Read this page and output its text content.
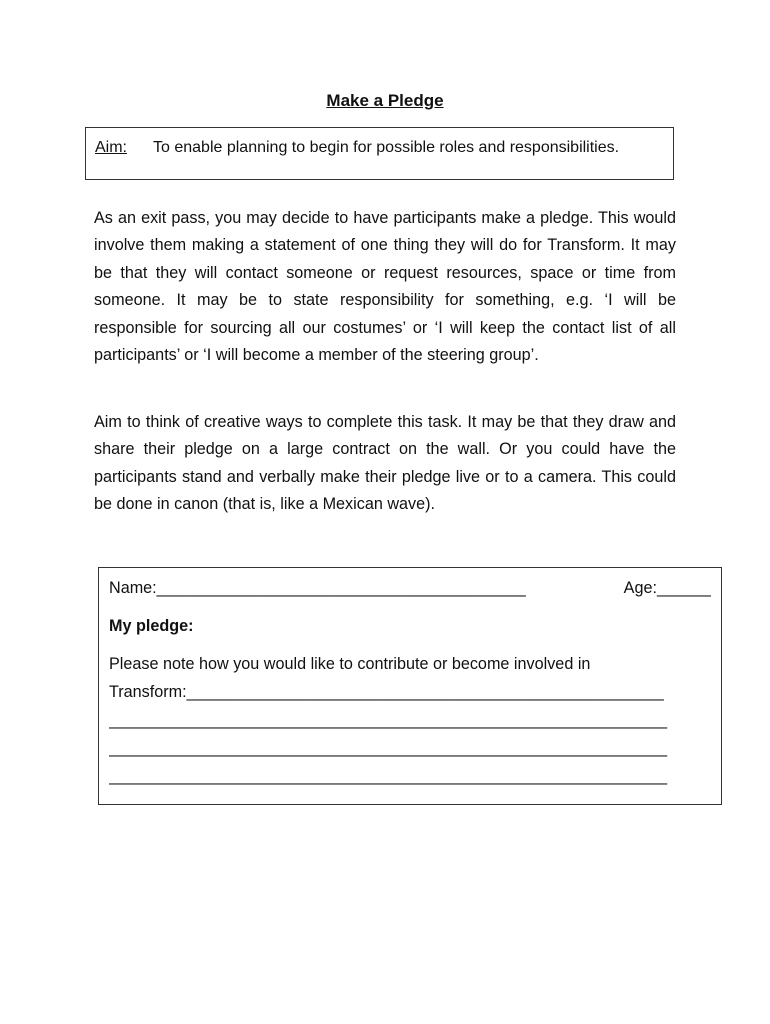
Make a Pledge
Aim: To enable planning to begin for possible roles and responsibilities.
As an exit pass, you may decide to have participants make a pledge. This would involve them making a statement of one thing they will do for Transform. It may be that they will contact someone or request resources, space or time from someone. It may be to state responsibility for something, e.g. ‘I will be responsible for sourcing all our costumes’ or ‘I will keep the contact list of all participants’ or ‘I will become a member of the steering group’.
Aim to think of creative ways to complete this task. It may be that they draw and share their pledge on a large contract on the wall. Or you could have the participants stand and verbally make their pledge live or to a camera. This could be done in canon (that is, like a Mexican wave).
Name:_________________________________________	Age:______
My pledge:
Please note how you would like to contribute or become involved in
Transform:_____________________________________________________
______________________________________________________________
______________________________________________________________
______________________________________________________________
